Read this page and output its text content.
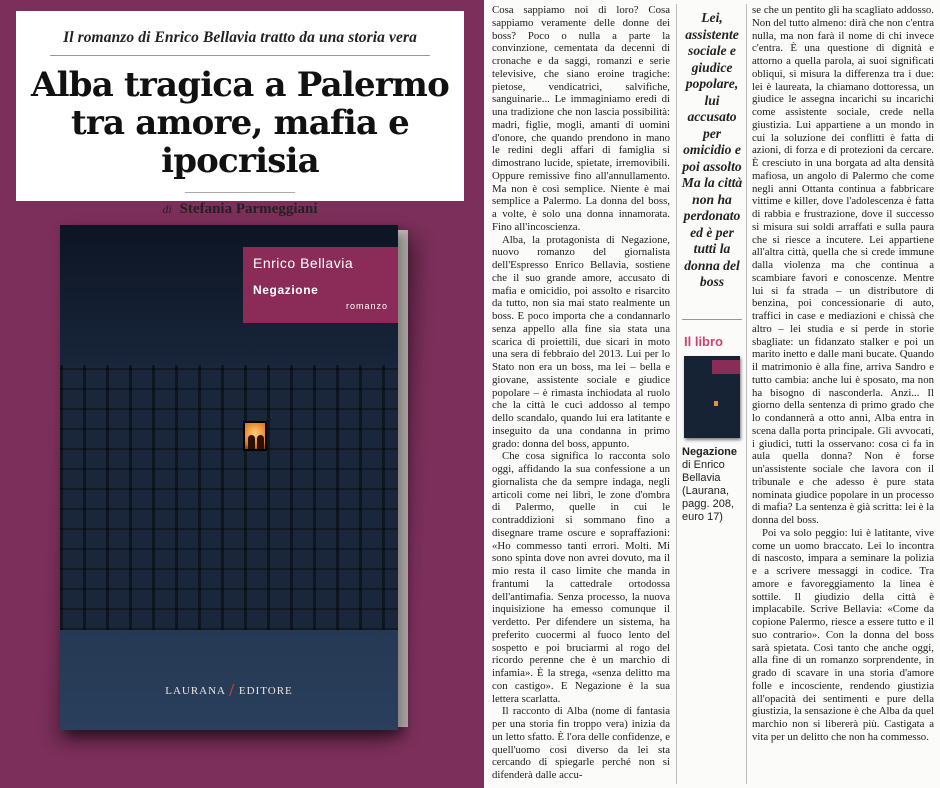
Il romanzo di Enrico Bellavia tratto da una storia vera
Alba tragica a Palermo
tra amore, mafia e ipocrisia
di Stefania Parmeggiani
Enrico Bellavia
Negazione
romanzo
LAURANA / EDITORE

Cosa sappiamo noi di loro? Cosa sappiamo veramente delle donne dei boss? Poco o nulla a parte la convinzione, cementata da decenni di cronache e da saggi, romanzi e serie televisive, che siano eroine tragiche: pietose, vendicatrici, salvifiche, sanguinarie... Le immaginiamo eredi di una tradizione che non lascia possibilità: madri, figlie, mogli, amanti di uomini d'onore, che quando prendono in mano le redini degli affari di famiglia si dimostrano lucide, spietate, irremovibili. Oppure remissive fino all'annullamento. Ma non è così semplice. Niente è mai semplice a Palermo. La donna del boss, a volte, è solo una donna innamorata. Fino all'incoscienza.

Alba, la protagonista di Negazione, nuovo romanzo del giornalista dell'Espresso Enrico Bellavia, sostiene che il suo grande amore, accusato di mafia e omicidio, poi assolto e risarcito da tutto, non sia mai stato realmente un boss. E poco importa che a condannarlo senza appello alla fine sia stata una scarica di proiettili, due sicari in moto una sera di febbraio del 2013. Lui per lo Stato non era un boss, ma lei – bella e giovane, assistente sociale e giudice popolare – è rimasta inchiodata al ruolo che la città le cucì addosso al tempo dello scandalo, quando lui era latitante e inseguito da una condanna in primo grado: donna del boss, appunto.

Che cosa significa lo racconta solo oggi, affidando la sua confessione a un giornalista che da sempre indaga, negli articoli come nei libri, le zone d'ombra di Palermo, quelle in cui le contraddizioni si sommano fino a disegnare trame oscure e sopraffazioni: «Ho commesso tanti errori. Molti. Mi sono spinta dove non avrei dovuto, ma il mio resta il caso limite che manda in frantumi la cattedrale ortodossa dell'antimafia. Senza processo, la nuova inquisizione ha emesso comunque il verdetto. Per difendere un sistema, ha preferito cuocermi al fuoco lento del sospetto e poi bruciarmi al rogo del ricordo perenne che è un marchio di infamia». È la strega, «senza delitto ma con castigo». E Negazione è la sua lettera scarlatta.

Il racconto di Alba (nome di fantasia per una storia fin troppo vera) inizia da un letto sfatto. È l'ora delle confidenze, e quell'uomo così diverso da lei sta cercando di spiegarle perché non si difenderà dalle accu-

Lei, assistente sociale e giudice popolare, lui accusato per omicidio e poi assolto Ma la città non ha perdonato ed è per tutti la donna del boss
Il libro
Negazione
di Enrico Bellavia (Laurana, pagg. 208, euro 17)

se che un pentito gli ha scagliato addosso. Non del tutto almeno: dirà che non c'entra nulla, ma non farà il nome di chi invece c'entra. È una questione di dignità e attorno a quella parola, ai suoi significati obliqui, si misura la differenza tra i due: lei è laureata, la chiamano dottoressa, un giudice le assegna incarichi su incarichi come assistente sociale, crede nella giustizia. Lui appartiene a un mondo in cui la soluzione dei conflitti è fatta di azioni, di forza e di protezioni da cercare. È cresciuto in una borgata ad alta densità mafiosa, un angolo di Palermo che come negli anni Ottanta continua a fabbricare vittime e killer, dove l'adolescenza è fatta di rabbia e frustrazione, dove il successo si misura sui soldi arraffati e sulla paura che si riesce a incutere. Lei appartiene all'altra città, quella che si crede immune dalla violenza ma che continua a scambiare favori e conoscenze. Mentre lui si fa strada – un distributore di benzina, poi concessionarie di auto, traffici in case e mediazioni e chissà che altro – lei studia e si perde in storie sbagliate: un fidanzato stalker e poi un marito inetto e dalle mani bucate. Quando il matrimonio è alla fine, arriva Sandro e tutto cambia: anche lui è sposato, ma non ha bisogno di nasconderla. Anzi... Il giorno della sentenza di primo grado che lo condannerà a otto anni, Alba entra in scena dalla porta principale. Gli avvocati, i giudici, tutti la osservano: cosa ci fa in aula quella donna? Non è forse un'assistente sociale che lavora con il tribunale e che adesso è pure stata nominata giudice popolare in un processo di mafia? La sentenza è già scritta: lei è la donna del boss.

Poi va solo peggio: lui è latitante, vive come un uomo braccato. Lei lo incontra di nascosto, impara a seminare la polizia e a scrivere messaggi in codice. Tra amore e favoreggiamento la linea è sottile. Il giudizio della città è implacabile. Scrive Bellavia: «Come da copione Palermo, riesce a essere tutto e il suo contrario». Con la donna del boss sarà spietata. Così tanto che anche oggi, alla fine di un romanzo sorprendente, in grado di scavare in una storia d'amore folle e incosciente, rendendo giustizia all'opacità dei sentimenti e pure della giustizia, la sensazione è che Alba da quel marchio non si libererà più. Castigata a vita per un delitto che non ha commesso.
